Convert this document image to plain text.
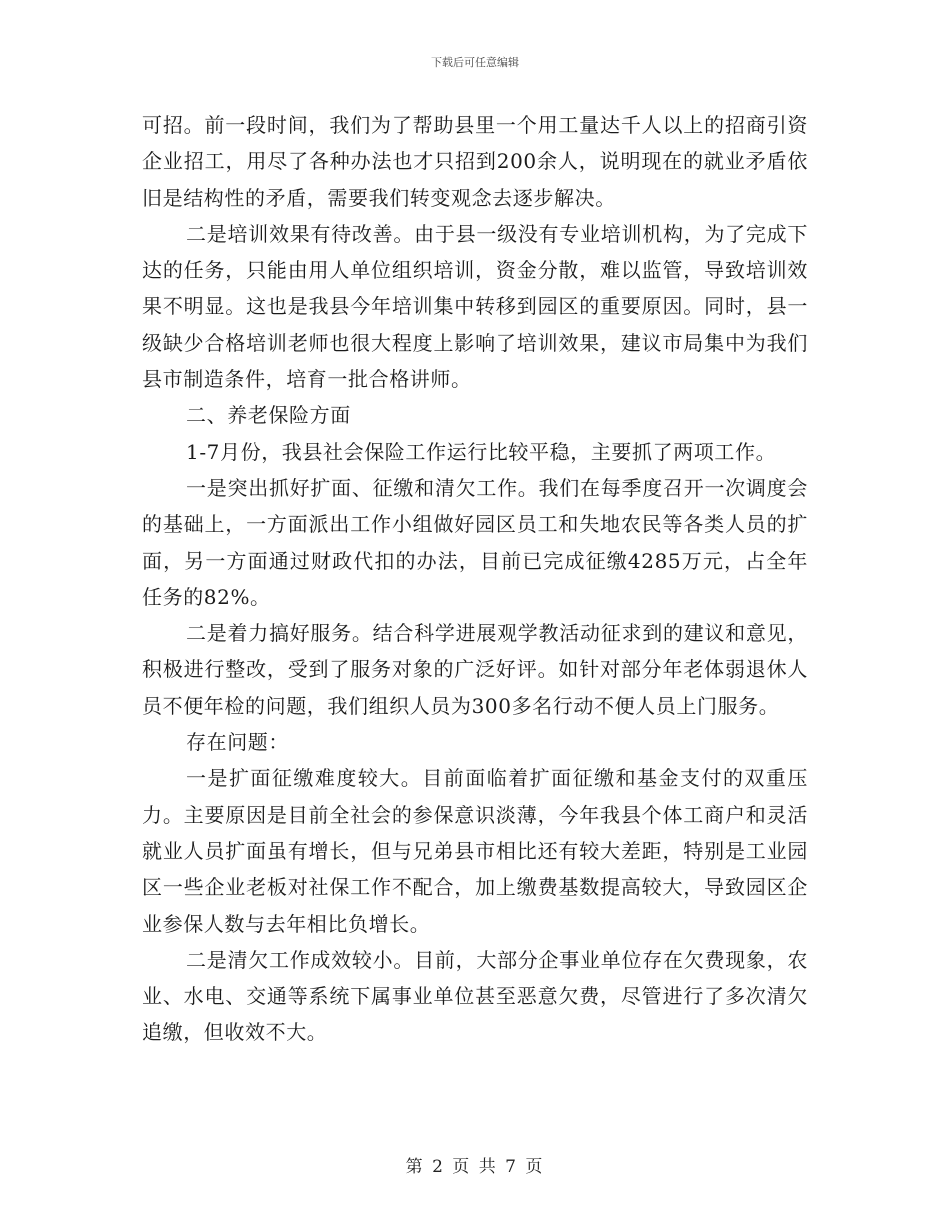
下载后可任意编辑

可招。前一段时间，我们为了帮助县里一个用工量达千人以上的招商引资企业招工，用尽了各种办法也才只招到200余人，说明现在的就业矛盾依旧是结构性的矛盾，需要我们转变观念去逐步解决。

二是培训效果有待改善。由于县一级没有专业培训机构，为了完成下达的任务，只能由用人单位组织培训，资金分散，难以监管，导致培训效果不明显。这也是我县今年培训集中转移到园区的重要原因。同时，县一级缺少合格培训老师也很大程度上影响了培训效果，建议市局集中为我们县市制造条件，培育一批合格讲师。

二、养老保险方面

1-7月份，我县社会保险工作运行比较平稳，主要抓了两项工作。

一是突出抓好扩面、征缴和清欠工作。我们在每季度召开一次调度会的基础上，一方面派出工作小组做好园区员工和失地农民等各类人员的扩面，另一方面通过财政代扣的办法，目前已完成征缴4285万元，占全年任务的82%。

二是着力搞好服务。结合科学进展观学教活动征求到的建议和意见，积极进行整改，受到了服务对象的广泛好评。如针对部分年老体弱退休人员不便年检的问题，我们组织人员为300多名行动不便人员上门服务。

存在问题：

一是扩面征缴难度较大。目前面临着扩面征缴和基金支付的双重压力。主要原因是目前全社会的参保意识淡薄，今年我县个体工商户和灵活就业人员扩面虽有增长，但与兄弟县市相比还有较大差距，特别是工业园区一些企业老板对社保工作不配合，加上缴费基数提高较大，导致园区企业参保人数与去年相比负增长。

二是清欠工作成效较小。目前，大部分企事业单位存在欠费现象，农业、水电、交通等系统下属事业单位甚至恶意欠费，尽管进行了多次清欠追缴，但收效不大。

第 2 页 共 7 页
